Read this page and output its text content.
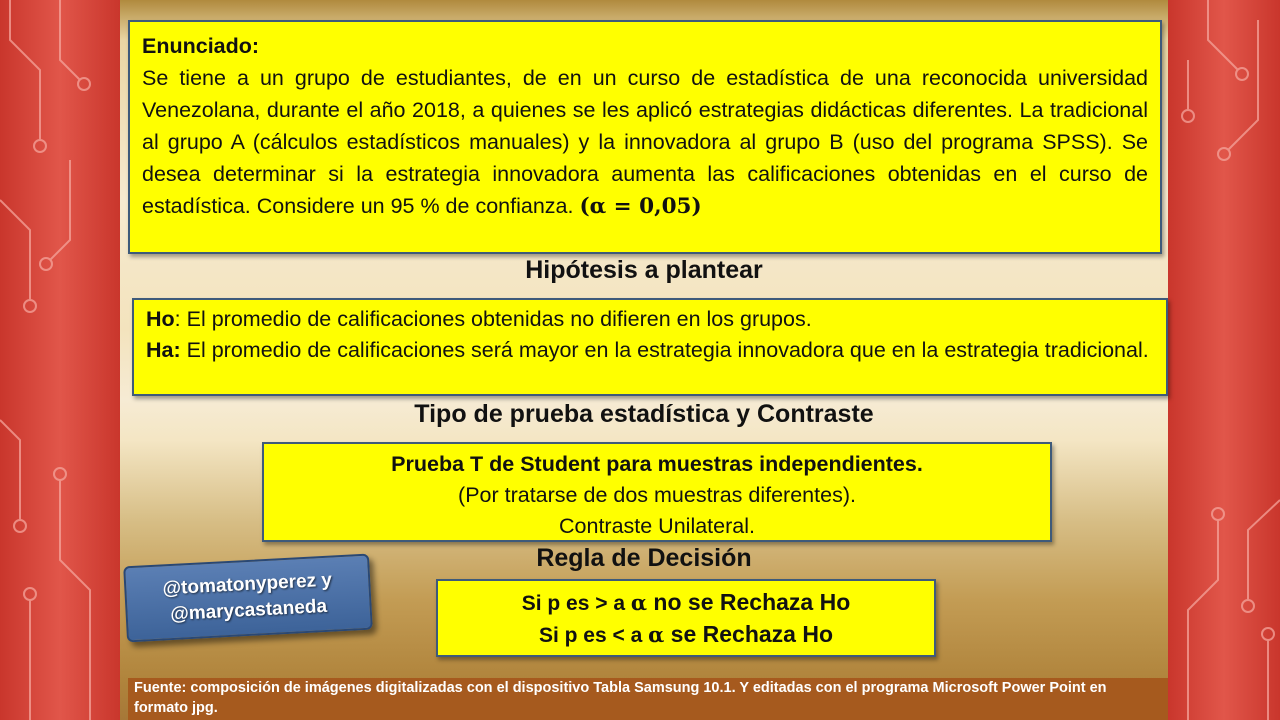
Enunciado:
Se tiene a un grupo de estudiantes, de en un curso de estadística de una reconocida universidad Venezolana, durante el año 2018, a quienes se les aplicó estrategias didácticas diferentes. La tradicional al grupo A (cálculos estadísticos manuales) y la innovadora al grupo B (uso del programa SPSS). Se desea determinar si la estrategia innovadora aumenta las calificaciones obtenidas en el curso de estadística. Considere un 95 % de confianza. (α = 0,05)
Hipótesis a plantear
Ho: El promedio de calificaciones obtenidas no difieren en los grupos.
Ha: El promedio de calificaciones será mayor en la estrategia innovadora que en la estrategia tradicional.
Tipo de prueba estadística y Contraste
Prueba T de Student para muestras independientes.
(Por tratarse de dos muestras diferentes).
Contraste Unilateral.
Regla de Decisión
Si p es > a α no se Rechaza Ho
Si p es < a α se Rechaza Ho
@tomatonyperez y
@marycastaneda
Fuente: composición de imágenes digitalizadas con el dispositivo Tabla Samsung 10.1. Y editadas con el programa Microsoft Power Point en formato jpg.
